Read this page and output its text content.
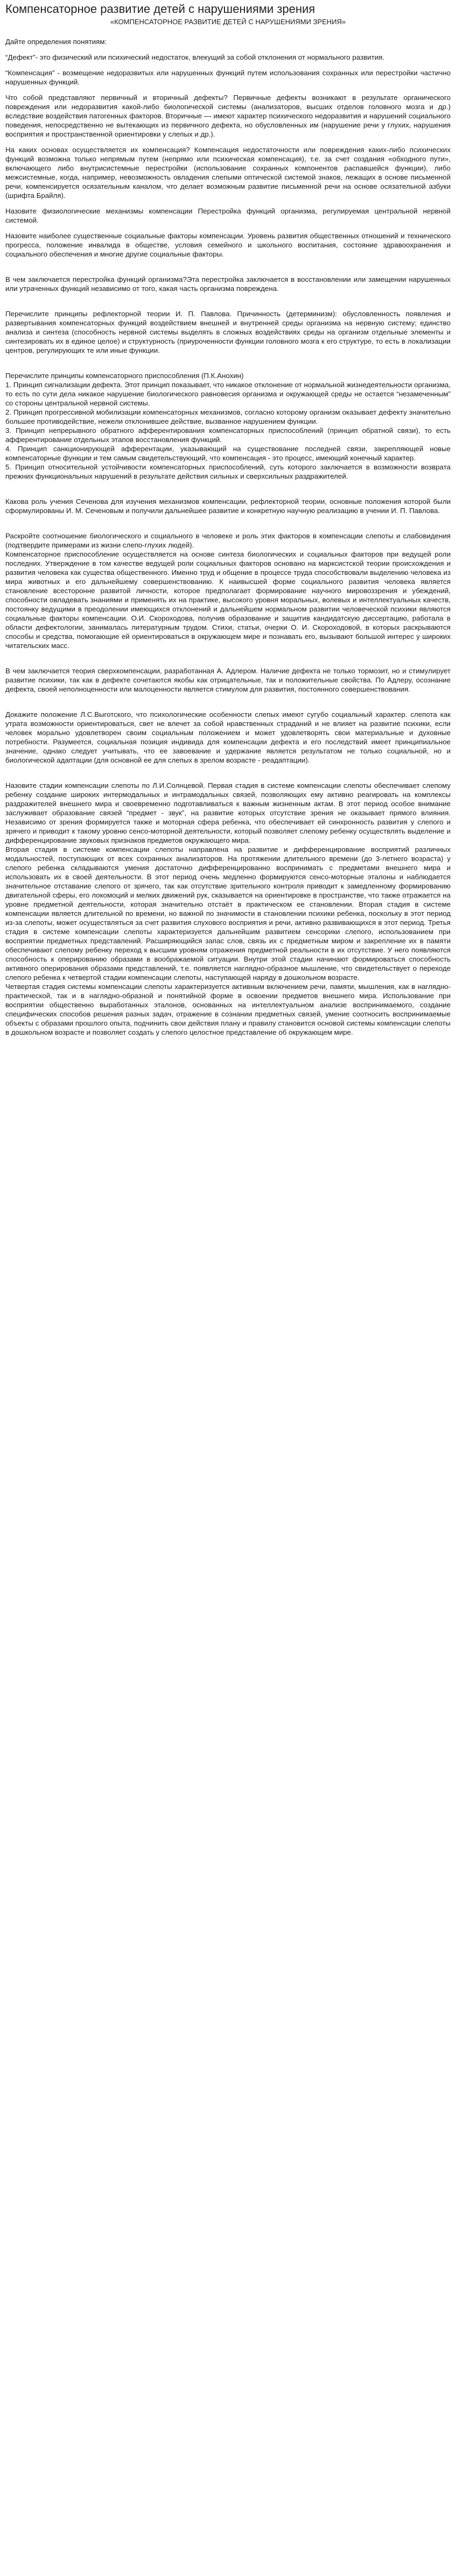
Компенсаторное развитие детей с нарушениями зрения
«КОМПЕНСАТОРНОЕ РАЗВИТИЕ ДЕТЕЙ С НАРУШЕНИЯМИ ЗРЕНИЯ»

Дайте определения понятиям:

“Дефект”- это физический или психический недостаток, влекущий за собой отклонения от нормального развития.

“Компенсация” - возмещение недоразвитых или нарушенных функций путем использования сохранных или перестройки частично нарушенных функций.

Что собой представляют первичный и вторичный дефекты? Первичные дефекты возникают в результате органического повреждения или недоразвития какой-либо биологической системы (анализаторов, высших отделов головного мозга и др.) вследствие воздействия патогенных факторов. Вторичные — имеют характер психического недоразвития и нарушений социального поведения, непосредственно не вытекающих из первичного дефекта, но обусловленных им (нарушение речи у глухих, нарушения восприятия и пространственной ориентировки у слепых и др.).

На каких основах осуществляется их компенсация? Компенсация недостаточности или повреждения каких-либо психических функций возможна только непрямым путем (непрямо или психическая компенсация), т.е. за счет создания «обходного пути», включающего либо внутрисистемные перестройки (использование сохранных компонентов распавшейся функции), либо межсистемные, когда, например, невозможность овладения слепыми оптической системой знаков, лежащих в основе письменной речи, компенсируется осязательным каналом, что делает возможным развитие письменной речи на основе осязательной азбуки (шрифта Брайля).

Назовите физиологические механизмы компенсации Перестройка функций организма, регулируемая центральной нервной системой.

Назовите наиболее существенные социальные факторы компенсации. Уровень развития общественных отношений и технического прогресса, положение инвалида в обществе, условия семейного и школьного воспитания, состояние здравоохранения и социального обеспечения и многие другие социальные факторы.

В чем заключается перестройка функций организма?Эта перестройка заключается в восстановлении или замещении нарушенных или утраченных функций независимо от того, какая часть организма повреждена.

Перечислите принципы рефлекторной теории И. П. Павлова. Причинность (детерминизм): обусловленность появления и развертывания компенсаторных функций воздействием внешней и внутренней среды организма на нервную систему; единство анализа и синтеза (способность нервной системы выделять в сложных воздействиях среды на организм отдельные элементы и синтезировать их в единое целое) и структурность (приуроченности функции головного мозга к его структуре, то есть в локализации центров, регулирующих те или иные функции.

Перечислите принципы компенсаторного приспособления (П.К.Анохин)
1. Принцип сигнализации дефекта. Этот принцип показывает, что никакое отклонение от нормальной жизнедеятельности организма, то есть по сути дела никакое нарушение биологического равновесия организма и окружающей среды не остается “незамеченным” со стороны центральной нервной системы.
2. Принцип прогрессивной мобилизации компенсаторных механизмов, согласно которому организм оказывает дефекту значительно большее противодействие, нежели отклонившее действие, вызванное нарушением функции.
3. Принцип непрерывного обратного афферентирования компенсаторных приспособлений (принцип обратной связи), то есть афферентирование отдельных этапов восстановления функций.
4. Принцип санкционирующей афферентации, указывающий на существование последней связи, закрепляющей новые компенсаторные функции и тем самым свидетельствующий, что компенсация - это процесс, имеющий конечный характер.
5. Принцип относительной устойчивости компенсаторных приспособлений, суть которого заключается в возможности возврата прежних функциональных нарушений в результате действия сильных и сверхсильных раздражителей.

Какова роль учения Сеченова для изучения механизмов компенсации, рефлекторной теории, основные положения которой были сформулированы И. М. Сеченовым и получили дальнейшее развитие и конкретную научную реализацию в учении И. П. Павлова.

Раскройте соотношение биологического и социального в человеке и роль этих факторов в компенсации слепоты и слабовидения (подтвердите примерами из жизни слепо-глухих людей).

Компенсаторное приспособление осуществляется на основе синтеза биологических и социальных факторов при ведущей роли последних. Утверждение в том качестве ведущей роли социальных факторов основано на марксистской теории происхождения и развития человека как существа общественного. Именно труд и общение в процессе труда способствовали выделению человека из мира животных и его дальнейшему совершенствованию. К наивысшей форме социального развития человека является становление всесторонне развитой личности, которое предполагает формирование научного мировоззрения и убеждений, способности овладевать знаниями и применять их на практике, высокого уровня моральных, волевых и интеллектуальных качеств, постоянку ведущими в преодолении имеющихся отклонений и дальнейшем нормальном развитии человеческой психики являются социальные факторы компенсации. О.И. Скороходова, получив образование и защитив кандидатскую диссертацию, работала в области дефектологии, занималась литературным трудом. Стихи, статьи, очерки О. И. Скороходовой, в которых раскрываются способы и средства, помогающие ей ориентироваться в окружающем мире и познавать его, вызывают большой интерес у широких читательских масс.

В чем заключается теория сверхкомпенсации, разработанная А. Адлером. Наличие дефекта не только тормозит, но и стимулирует развитие психики, так как в дефекте сочетаются якобы как отрицательные, так и положительные свойства. По Адлеру, осознание дефекта, своей неполноценности или малоценности является стимулом для развития, постоянного совершенствования.

Докажите положение Л.С.Выготского, что психологические особенности слепых имеют сугубо социальный характер. слепота как утрата возможности ориентироваться, свет не влечет за собой нравственных страданий и не влияет на развитие психики, если человек морально удовлетворен своим социальным положением и может удовлетворять свои материальные и духовные потребности. Разумеется, социальная позиция индивида для компенсации дефекта и его последствий имеет принципиальное значение, однако следует учитывать, что ее завоевание и удержание является результатом не только социальной, но и биологической адаптации (для основной ее для слепых в зрелом возрасте - реадаптации).

Назовите стадии компенсации слепоты по Л.И.Солнцевой. Первая стадия в системе компенсации слепоты обеспечивает слепому ребенку создание широких интермодальных и интрамодальных связей, позволяющих ему активно реагировать на комплексы раздражителей внешнего мира и своевременно подготавливаться к важным жизненным актам. В этот период особое внимание заслуживает образование связей “предмет - звук”, на развитие которых отсутствие зрения не оказывает прямого влияния. Незавиcимо от зрения формируется также и моторная сфера ребенка, что обеспечивает ей синхронность развития у слепого и зрячего и приводит к такому уровню сенсо-моторной деятельности, который позволяет слепому ребенку осуществлять выделение и дифференцирование звуковых признаков предметов окружающего мира.

Вторая стадия в системе компенсации слепоты направлена на развитие и дифференцирование восприятий различных модальностей, поступающих от всех сохранных анализаторов. На протяжении длительного времени (до 3-летнего возраста) у слепого ребенка складываются умения достаточно дифференцированно воспринимать с предметами внешнего мира и использовать их в своей деятельности. В этот период очень медленно формируются сенсо-моторные эталоны и наблюдается значительное отставание слепого от зрячего, так как отсутствие зрительного контроля приводит к замедленному формированию двигательной сферы, его локомоций и мелких движений рук, сказывается на ориентировке в пространстве, что также отражается на уровне предметной деятельности, которая значительно отстаёт в практическом ее становлении. Вторая стадия в системе компенсации является длительной по времени, но важной по значимости в становлении психики ребенка, поскольку в этот период из-за слепоты, может осуществляться за счет развития слухового восприятия и речи, активно развивающихся в этот период. Третья стадия в системе компенсации слепоты характеризуется дальнейшим развитием сенсорики слепого, использованием при восприятии предметных представлений. Расширяющийся запас слов, связь их с предметным миром и закрепление их в памяти обеспечивают слепому ребенку переход к высшим уровням отражения предметной реальности в их отсутствие. У него появляются способность к оперированию образами в воображаемой ситуации. Внутри этой стадии начинают формироваться способность активного оперирования образами представлений, т.е. появляется наглядно-образное мышление, что свидетельствует о переходе слепого ребенка к четвертой стадии компенсации слепоты, наступающей наряду в дошкольном возрасте.

Четвертая стадия системы компенсации слепоты характеризуется активным включением речи, памяти, мышления, как в наглядно-практической, так и в наглядно-образной и понятийной форме в освоении предметов внешнего мира. Использование при восприятии общественно выработанных эталонов, основанных на интеллектуальном анализе воспринимаемого, создание специфических способов решения разных задач, отражение в сознании предметных связей, умение соотносить воспринимаемые объекты с образами прошлого опыта, подчинить свои действия плану и правилу становится основой системы компенсации слепоты в дошкольном возрасте и позволяет создать у слепого целостное представление об окружающем мире.
